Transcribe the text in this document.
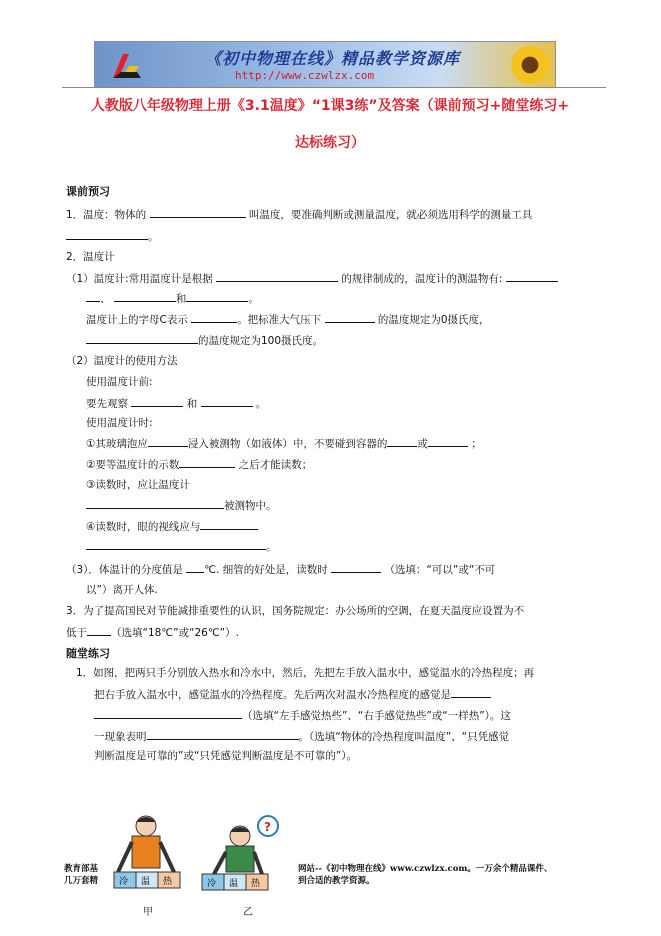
《初中物理在线》精品教学资源库
http://www.czwlzx.com
人教版八年级物理上册《3.1温度》“1课3练”及答案（课前预习+随堂练习+
达标练习）
课前预习
1．温度：物体的	叫温度，要准确判断或测量温度，就必须选用科学的测量工具
。
2．温度计
（1）温度计:常用温度计是根据	的规律制成的，温度计的测温物有:
、	和	。
温度计上的字母C表示	。把标准大气压下	的温度规定为0摄氏度，
的温度规定为100摄氏度。
（2）温度计的使用方法
使用温度计前:
要先观察	和	。
使用温度计时:
①其玻璃泡应	浸入被测物（如液体）中，不要碰到容器的	或	；
②要等温度计的示数	之后才能读数；
③读数时，应让温度计
被测物中。
④读数时，眼的视线应与
。
（3）．体温计的分度值是 ℃. 细管的好处是，读数时	（选填：“可以”或“不可
以”）离开人体.
3．为了提高国民对节能减排重要性的认识，国务院规定：办公场所的空调，在夏天温度应设置为不
低于 （选填“18℃”或“26℃”）.
随堂练习
1．如图，把两只手分别放入热水和冷水中，然后，先把左手放入温水中，感觉温水的冷热程度；再
把右手放入温水中，感觉温水的冷热程度。先后两次对温水冷热程度的感觉是
（选填“左手感觉热些”、“右手感觉热些”或“一样热”）。这
一现象表明	。（选填“物体的冷热程度叫温度”、“只凭感觉
判断温度是可靠的”或“只凭感觉判断温度是不可靠的”）。
冷 温 热
甲
?
冷 温 热
乙
教育部基
几万套精
网站--《初中物理在线》www.czwlzx.com。一万余个精品课件、
到合适的教学资源。
